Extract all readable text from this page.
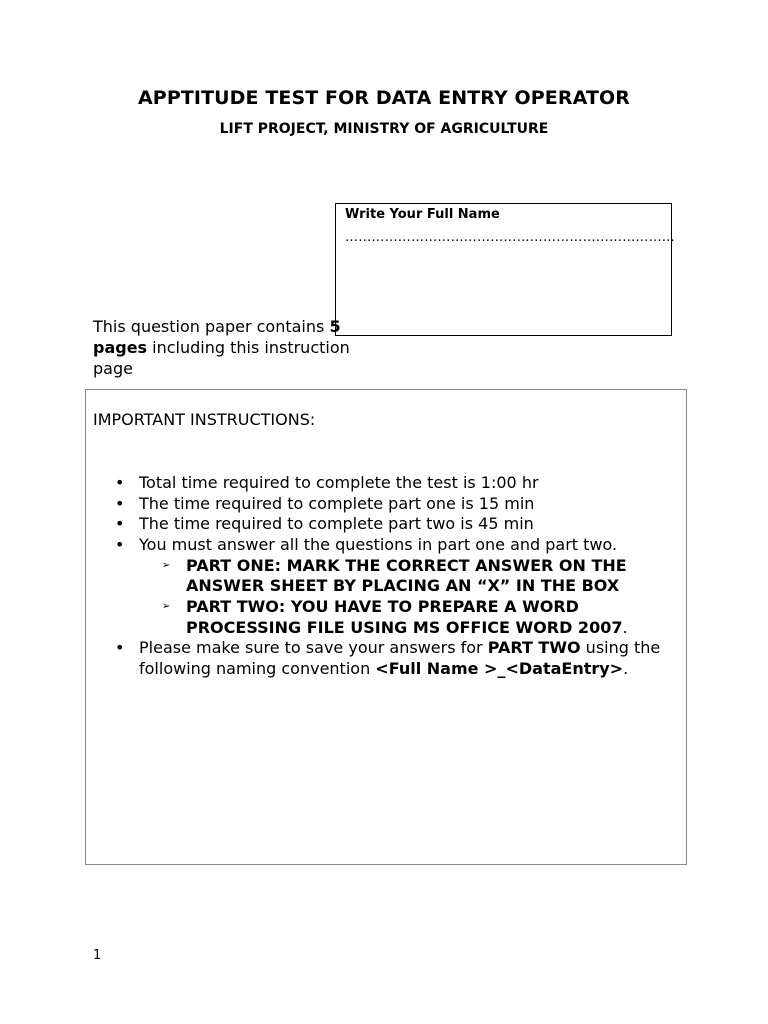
APPTITUDE TEST FOR DATA ENTRY OPERATOR
LIFT PROJECT, MINISTRY OF AGRICULTURE
Write Your Full Name
…………………………………………………………………
This question paper contains 5 pages including this instruction page
IMPORTANT INSTRUCTIONS:
• Total time required to complete the test is 1:00 hr
• The time required to complete part one is 15 min
• The time required to complete part two is 45 min
• You must answer all the questions in part one and part two.
➢ PART ONE: MARK THE CORRECT ANSWER ON THE ANSWER SHEET BY PLACING AN “X” IN THE BOX
➢ PART TWO: YOU HAVE TO PREPARE A WORD PROCESSING FILE USING MS OFFICE WORD 2007.
• Please make sure to save your answers for PART TWO using the following naming convention <Full Name >_<DataEntry>.
1
